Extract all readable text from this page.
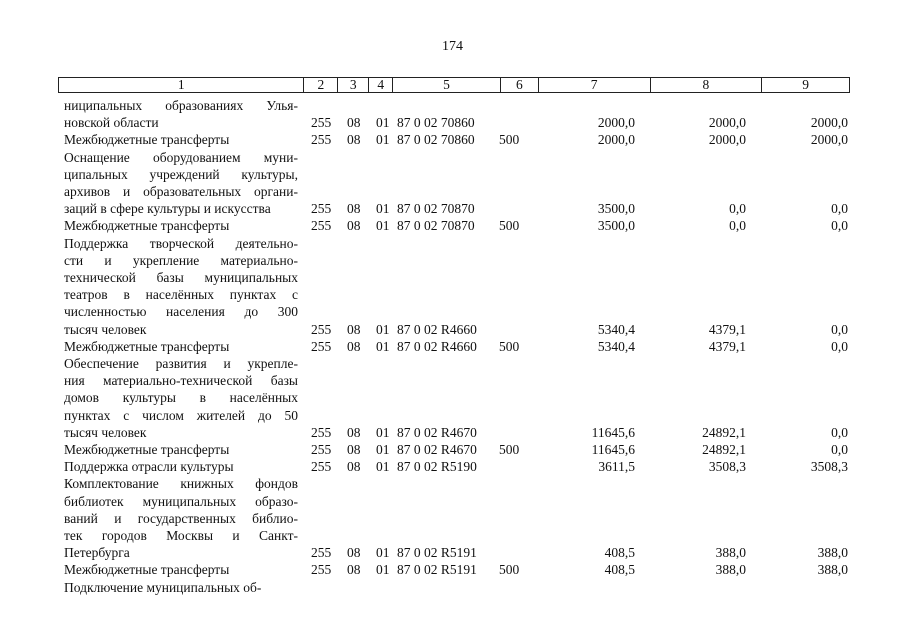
174
1	2	3	4	5	6	7	8	9
ниципальных образованиях Улья-
новской области	255 08 01 87 0 02 70860	2000,0	2000,0	2000,0
Межбюджетные трансферты	255 08 01 87 0 02 70860 500	2000,0	2000,0	2000,0
Оснащение оборудованием муни-
ципальных учреждений культуры,
архивов и образовательных органи-
заций в сфере культуры и искусства	255 08 01 87 0 02 70870	3500,0	0,0	0,0
Межбюджетные трансферты	255 08 01 87 0 02 70870 500	3500,0	0,0	0,0
Поддержка творческой деятельно-
сти и укрепление материально-
технической базы муниципальных
театров в населённых пунктах с
численностью населения до 300
тысяч человек	255 08 01 87 0 02 R4660	5340,4	4379,1	0,0
Межбюджетные трансферты	255 08 01 87 0 02 R4660 500	5340,4	4379,1	0,0
Обеспечение развития и укрепле-
ния материально-технической базы
домов культуры в населённых
пунктах с числом жителей до 50
тысяч человек	255 08 01 87 0 02 R4670	11645,6	24892,1	0,0
Межбюджетные трансферты	255 08 01 87 0 02 R4670 500	11645,6	24892,1	0,0
Поддержка отрасли культуры	255 08 01 87 0 02 R5190	3611,5	3508,3	3508,3
Комплектование книжных фондов
библиотек муниципальных образо-
ваний и государственных библио-
тек городов Москвы и Санкт-
Петербурга	255 08 01 87 0 02 R5191	408,5	388,0	388,0
Межбюджетные трансферты	255 08 01 87 0 02 R5191 500	408,5	388,0	388,0
Подключение муниципальных об-
